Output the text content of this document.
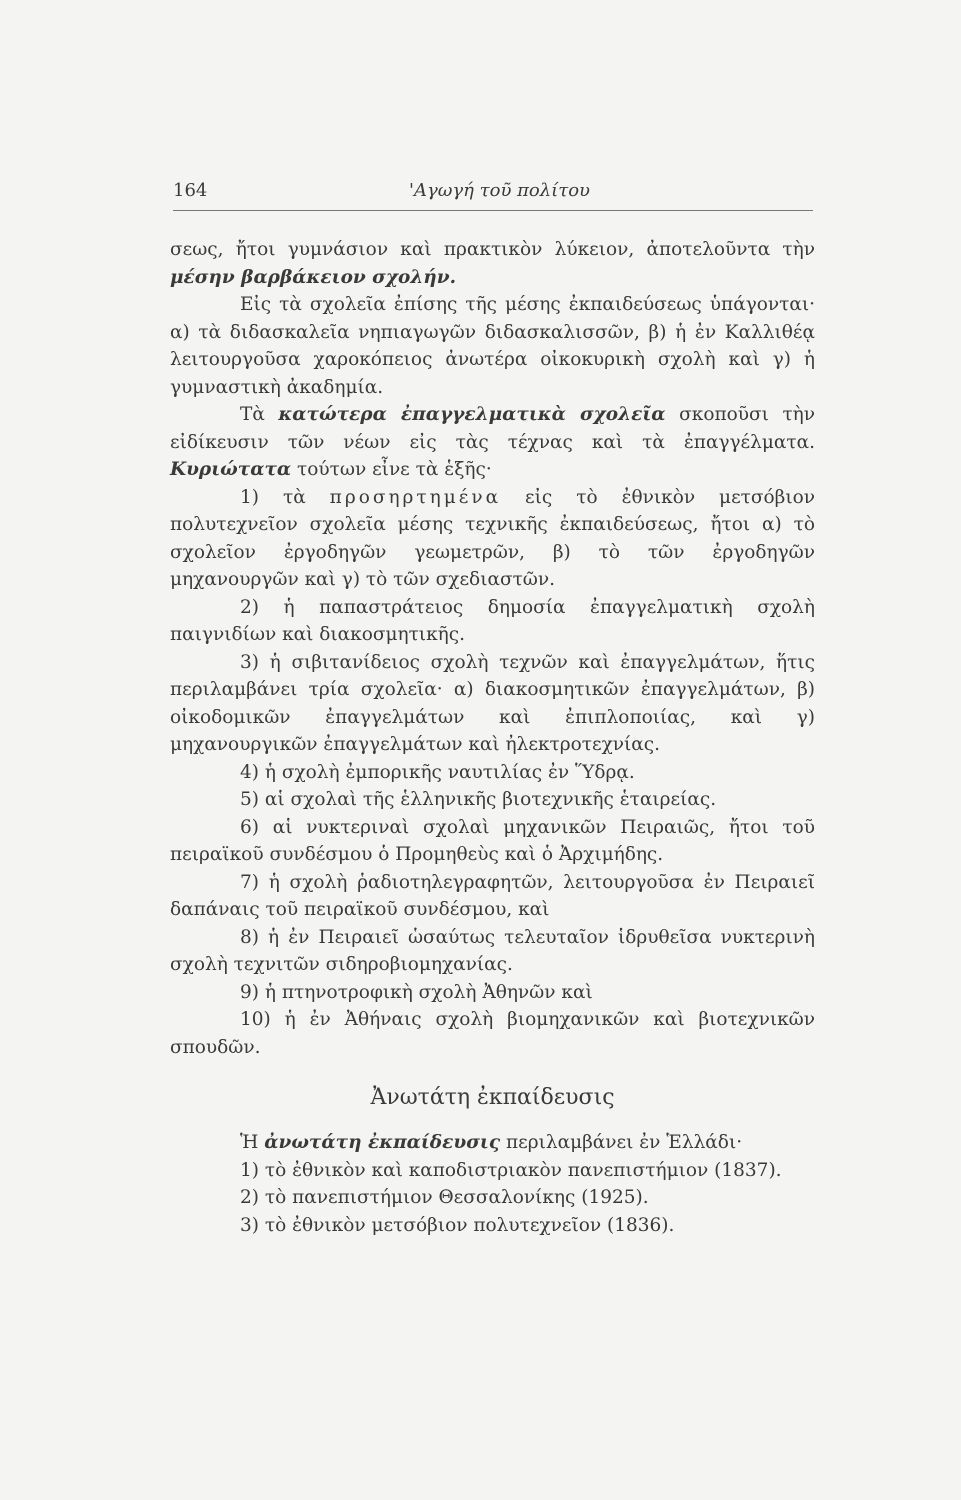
164	'Αγωγή τοῦ πολίτου

σεως, ἤτοι γυμνάσιον καὶ πρακτικὸν λύκειον, ἀποτελοῦντα τὴν μέσην βαρβάκειον σχολήν.

Εἰς τὰ σχολεῖα ἐπίσης τῆς μέσης ἐκπαιδεύσεως ὑπάγονται· α) τὰ διδασκαλεῖα νηπιαγωγῶν διδασκαλισσῶν, β) ἡ ἐν Καλλιθέᾳ λειτουργοῦσα χαροκόπειος ἀνωτέρα οἰκοκυρικὴ σχολὴ καὶ γ) ἡ γυμναστικὴ ἀκαδημία.

Τὰ κατώτερα ἐπαγγελματικὰ σχολεῖα σκοποῦσι τὴν εἰδίκευσιν τῶν νέων εἰς τὰς τέχνας καὶ τὰ ἐπαγγέλματα. Κυριώτατα τούτων εἶνε τὰ ἑξῆς·

1) τὰ προσηρτημένα εἰς τὸ ἐθνικὸν μετσόβιον πολυτεχνεῖον σχολεῖα μέσης τεχνικῆς ἐκπαιδεύσεως, ἤτοι α) τὸ σχολεῖον ἐργοδηγῶν γεωμετρῶν, β) τὸ τῶν ἐργοδηγῶν μηχανουργῶν καὶ γ) τὸ τῶν σχεδιαστῶν.

2) ἡ παπαστράτειος δημοσία ἐπαγγελματικὴ σχολὴ παιγνιδίων καὶ διακοσμητικῆς.

3) ἡ σιβιτανίδειος σχολὴ τεχνῶν καὶ ἐπαγγελμάτων, ἥτις περιλαμβάνει τρία σχολεῖα· α) διακοσμητικῶν ἐπαγγελμάτων, β) οἰκοδομικῶν ἐπαγγελμάτων καὶ ἐπιπλοποιίας, καὶ γ) μηχανουργικῶν ἐπαγγελμάτων καὶ ἠλεκτροτεχνίας.

4) ἡ σχολὴ ἐμπορικῆς ναυτιλίας ἐν Ὕδρᾳ.

5) αἱ σχολαὶ τῆς ἑλληνικῆς βιοτεχνικῆς ἑταιρείας.

6) αἱ νυκτεριναὶ σχολαὶ μηχανικῶν Πειραιῶς, ἤτοι τοῦ πειραϊκοῦ συνδέσμου ὁ Προμηθεὺς καὶ ὁ Ἀρχιμήδης.

7) ἡ σχολὴ ῥαδιοτηλεγραφητῶν, λειτουργοῦσα ἐν Πειραιεῖ δαπάναις τοῦ πειραϊκοῦ συνδέσμου, καὶ

8) ἡ ἐν Πειραιεῖ ὡσαύτως τελευταῖον ἱδρυθεῖσα νυκτερινὴ σχολὴ τεχνιτῶν σιδηροβιομηχανίας.

9) ἡ πτηνοτροφικὴ σχολὴ Ἀθηνῶν καὶ

10) ἡ ἐν Ἀθήναις σχολὴ βιομηχανικῶν καὶ βιοτεχνικῶν σπουδῶν.

Ἀνωτάτη ἐκπαίδευσις

Ἡ ἀνωτάτη ἐκπαίδευσις περιλαμβάνει ἐν Ἑλλάδι·

1) τὸ ἐθνικὸν καὶ καποδιστριακὸν πανεπιστήμιον (1837).

2) τὸ πανεπιστήμιον Θεσσαλονίκης (1925).

3) τὸ ἐθνικὸν μετσόβιον πολυτεχνεῖον (1836).
